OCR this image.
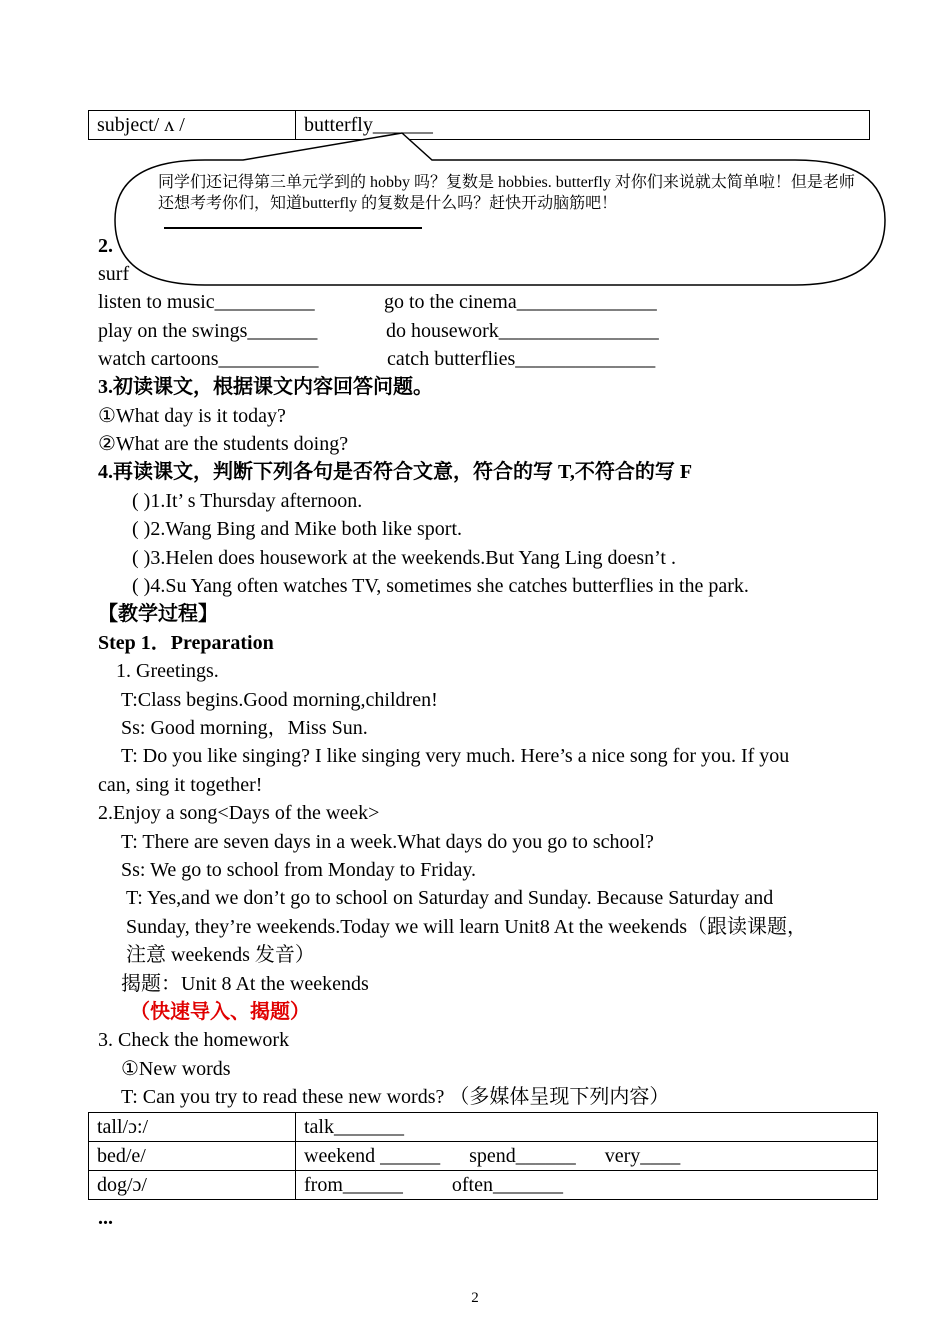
subject/ ʌ /	butterfly______
2.
surf
同学们还记得第三单元学到的 hobby 吗？复数是 hobbies. butterfly 对你们来说就太简单啦！但是老师还想考考你们，知道butterfly 的复数是什么吗？赶快开动脑筋吧！
listen to music__________	go to the cinema______________
play on the swings_______	do housework________________
watch cartoons__________	catch butterflies______________
3.初读课文，根据课文内容回答问题。
①What day is it today?
②What are the students doing?
4.再读课文，判断下列各句是否符合文意，符合的写 T,不符合的写 F
( )1.It’ s Thursday afternoon.
( )2.Wang Bing and Mike both like sport.
( )3.Helen does housework at the weekends.But Yang Ling doesn’t .
( )4.Su Yang often watches TV, sometimes she catches butterflies in the park.
【教学过程】
Step 1．Preparation
1. Greetings.
T:Class begins.Good morning,children!
Ss: Good morning，Miss Sun.
T: Do you like singing? I like singing very much. Here’s a nice song for you. If you
can, sing it together!
2.Enjoy a song<Days of the week>
T: There are seven days in a week.What days do you go to school?
Ss: We go to school from Monday to Friday.
T: Yes,and we don’t go to school on Saturday and Sunday. Because Saturday and
Sunday, they’re weekends.Today we will learn Unit8 At the weekends（跟读课题，
注意 weekends 发音）
揭题：Unit 8 At the weekends
（快速导入、揭题）
3. Check the homework
①New words
T: Can you try to read these new words? （多媒体呈现下列内容）
tall/ɔ:/	talk_______
bed/e/	weekend ______ spend______ very____
dog/ɔ/	from______ often_______
...
2
